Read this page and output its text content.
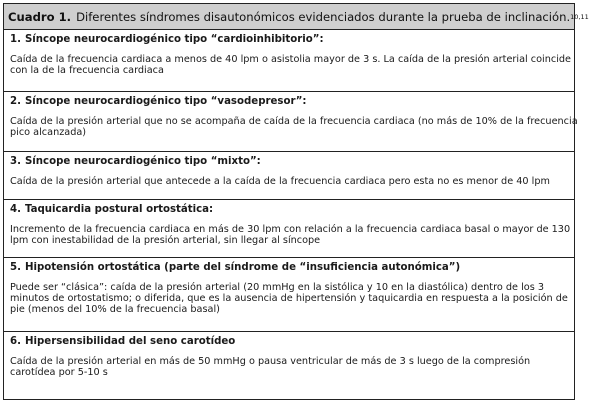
Cuadro 1. Diferentes síndromes disautonómicos evidenciados durante la prueba de inclinación. 10,11
1. Síncope neurocardiogénico tipo “cardioinhibitorio”:
Caída de la frecuencia cardiaca a menos de 40 lpm o asistolia mayor de 3 s. La caída de la presión arterial coincide
con la de la frecuencia cardiaca
2. Síncope neurocardiogénico tipo “vasodepresor”:
Caída de la presión arterial que no se acompaña de caída de la frecuencia cardiaca (no más de 10% de la frecuencia
pico alcanzada)
3. Síncope neurocardiogénico tipo “mixto”:
Caída de la presión arterial que antecede a la caída de la frecuencia cardiaca pero esta no es menor de 40 lpm
4. Taquicardia postural ortostática:
Incremento de la frecuencia cardiaca en más de 30 lpm con relación a la frecuencia cardiaca basal o mayor de 130
lpm con inestabilidad de la presión arterial, sin llegar al síncope
5. Hipotensión ortostática (parte del síndrome de “insuficiencia autonómica”)
Puede ser “clásica”: caída de la presión arterial (20 mmHg en la sistólica y 10 en la diastólica) dentro de los 3
minutos de ortostatismo; o diferida, que es la ausencia de hipertensión y taquicardia en respuesta a la posición de
pie (menos del 10% de la frecuencia basal)
6. Hipersensibilidad del seno carotídeo
Caída de la presión arterial en más de 50 mmHg o pausa ventricular de más de 3 s luego de la compresión
carotídea por 5-10 s
